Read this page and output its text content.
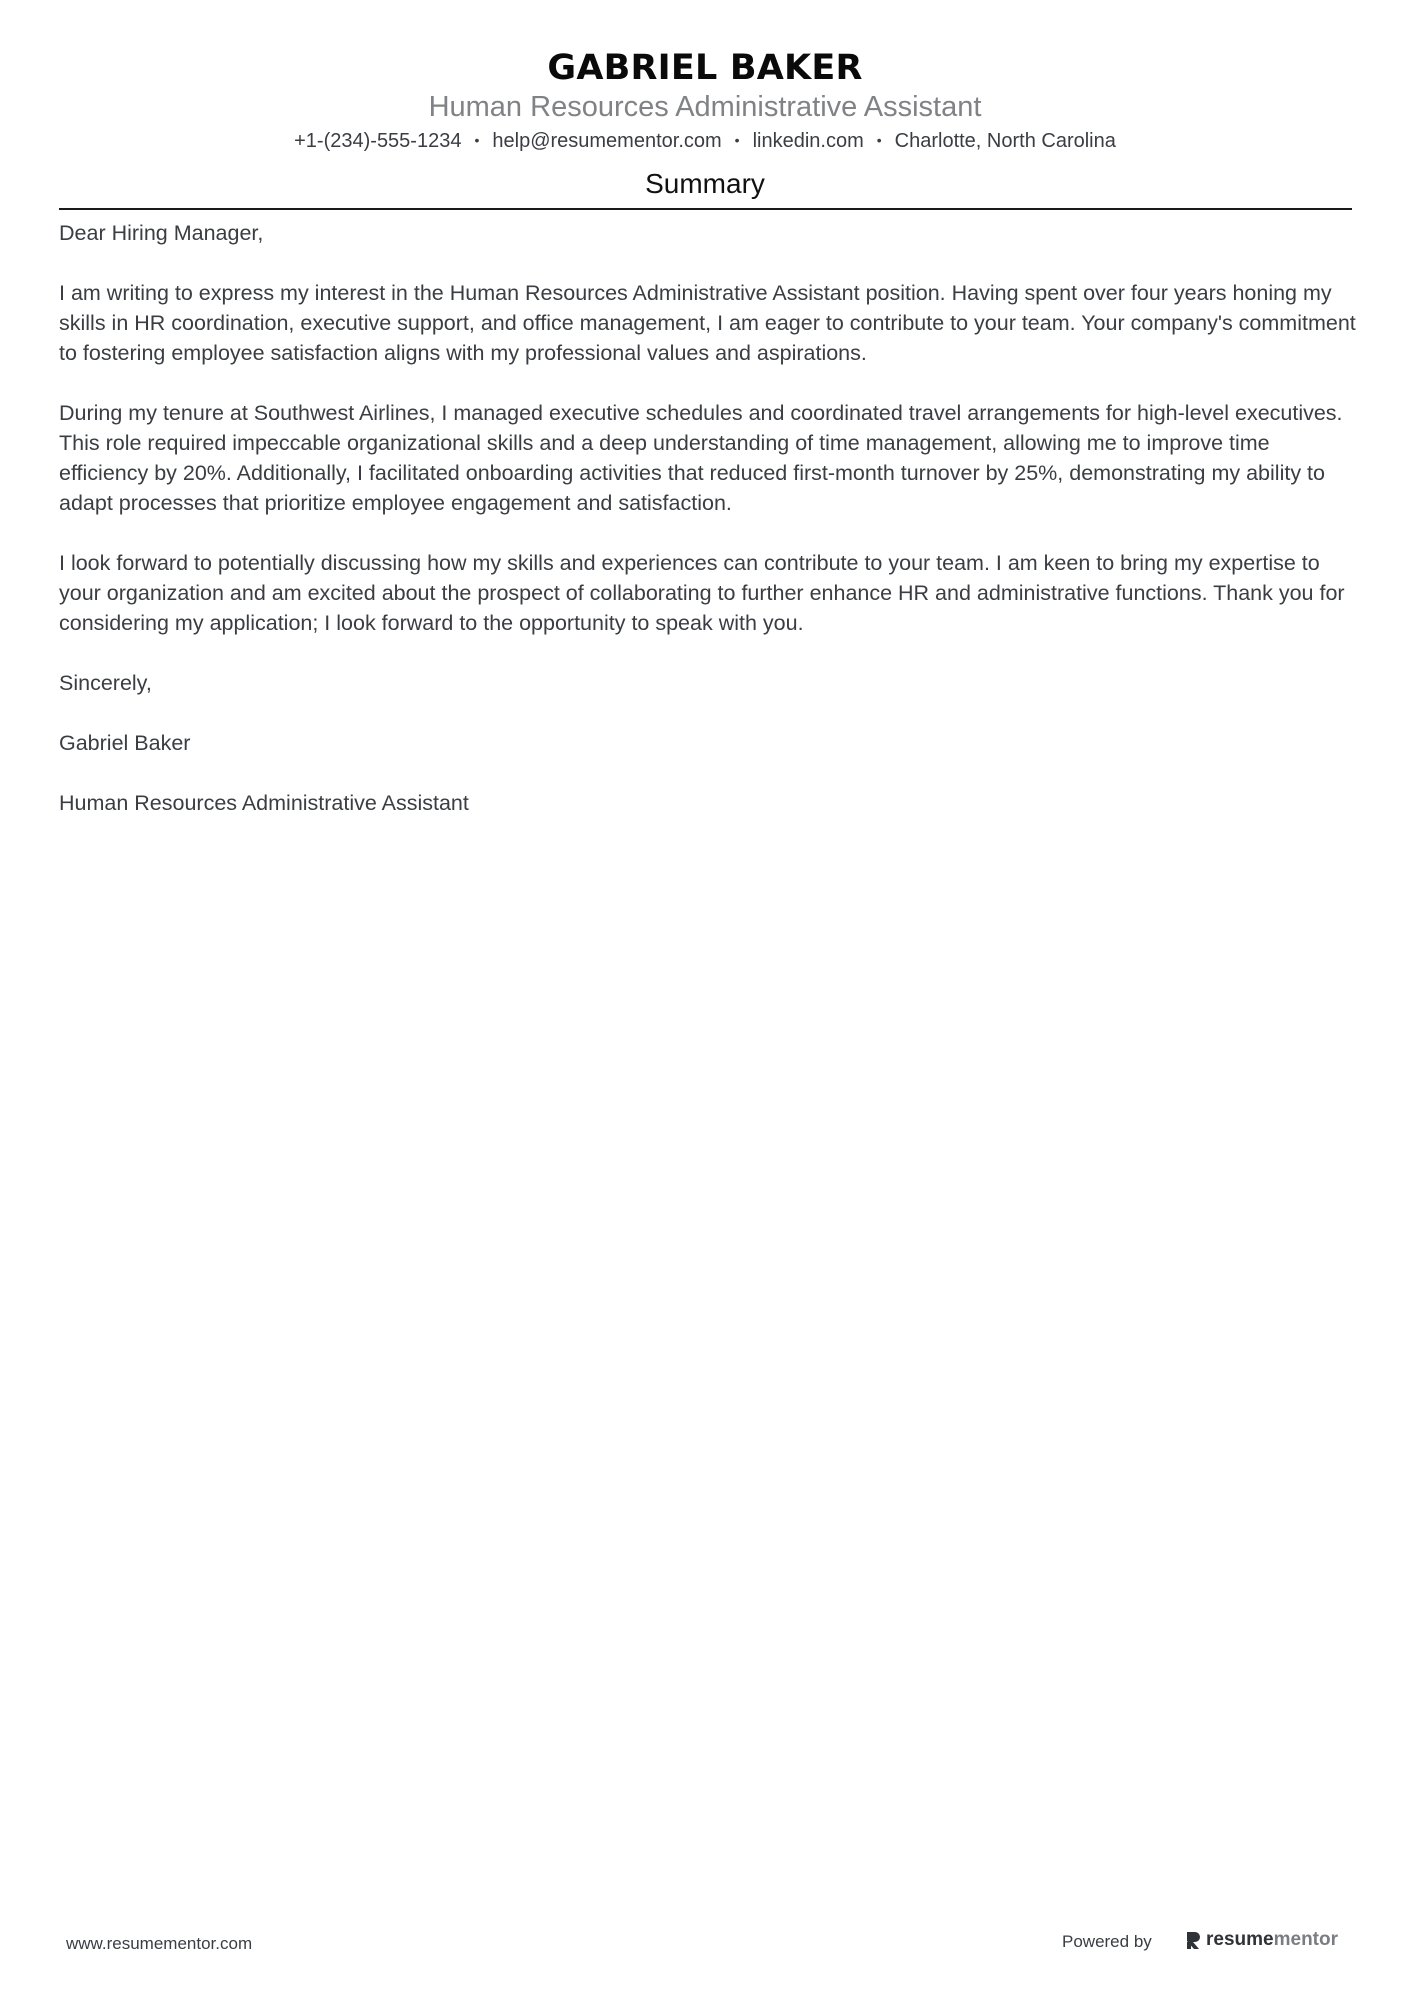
GABRIEL BAKER
Human Resources Administrative Assistant
+1-(234)-555-1234 • help@resumementor.com • linkedin.com • Charlotte, North Carolina
Summary

Dear Hiring Manager,

I am writing to express my interest in the Human Resources Administrative Assistant position. Having spent over four years honing my skills in HR coordination, executive support, and office management, I am eager to contribute to your team. Your company's commitment to fostering employee satisfaction aligns with my professional values and aspirations.

During my tenure at Southwest Airlines, I managed executive schedules and coordinated travel arrangements for high-level executives. This role required impeccable organizational skills and a deep understanding of time management, allowing me to improve time efficiency by 20%. Additionally, I facilitated onboarding activities that reduced first-month turnover by 25%, demonstrating my ability to adapt processes that prioritize employee engagement and satisfaction.

I look forward to potentially discussing how my skills and experiences can contribute to your team. I am keen to bring my expertise to your organization and am excited about the prospect of collaborating to further enhance HR and administrative functions. Thank you for considering my application; I look forward to the opportunity to speak with you.

Sincerely,

Gabriel Baker

Human Resources Administrative Assistant

www.resumementor.com	Powered by	resume mentor
